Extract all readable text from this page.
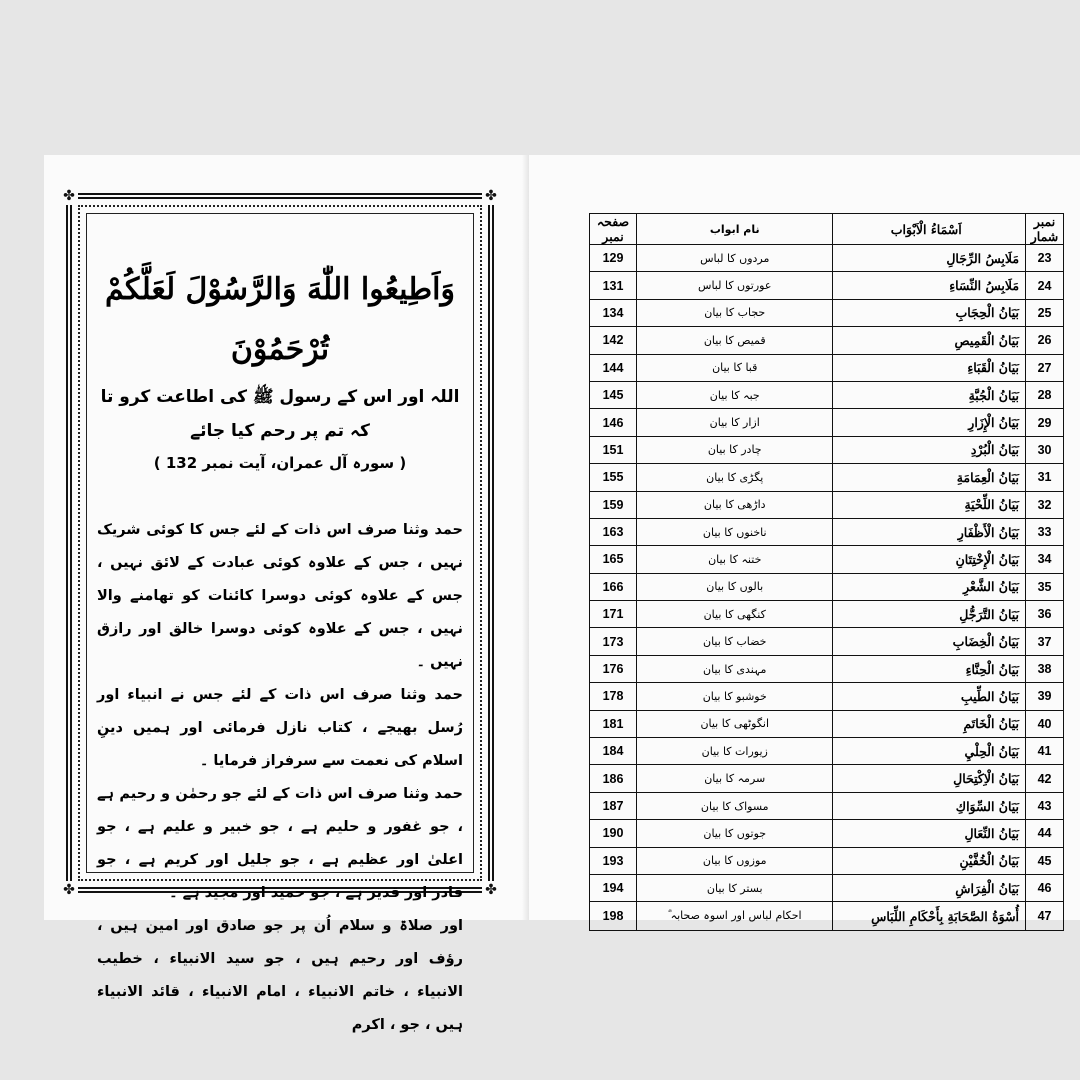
✤	✤
✤	✤
وَاَطِيعُوا اللّٰهَ وَالرَّسُوْلَ لَعَلَّكُمْ تُرْحَمُوْنَ
اللہ اور اس کے رسول ﷺ کی اطاعت کرو تا کہ تم پر رحم کیا جائے
( سورہ آل عمران، آیت نمبر 132 )

حمد وثنا صرف اس ذات کے لئے جس کا کوئی شریک نہیں ، جس کے علاوہ کوئی عبادت کے لائق نہیں ، جس کے علاوہ کوئی دوسرا کائنات کو تھامنے والا نہیں ، جس کے علاوہ کوئی دوسرا خالق اور رازق نہیں ۔

حمد وثنا صرف اس ذات کے لئے جس نے انبیاء اور رُسل بھیجے ، کتاب نازل فرمائی اور ہمیں دینِ اسلام کی نعمت سے سرفراز فرمایا ۔

حمد وثنا صرف اس ذات کے لئے جو رحمٰن و رحیم ہے ، جو غفور و حلیم ہے ، جو خبیر و علیم ہے ، جو اعلیٰ اور عظیم ہے ، جو جلیل اور کریم ہے ، جو قادر اور قدیر ہے ، جو حمید اور مجید ہے ۔

اور صلاۃ و سلام اُن پر جو صادق اور امین ہیں ، رؤف اور رحیم ہیں ، جو سید الانبیاء ، خطیب الانبیاء ، خاتم الانبیاء ، امام الانبیاء ، قائد الانبیاء ہیں ، جو ، اکرم

نمبر شمار	اَسْمَاءُ الْاَبْوَاب	نام ابواب	صفحہ نمبر
23	مَلَابِسُ الرِّجَالِ	مردوں کا لباس	129
24	مَلَابِسُ النِّسَاءِ	عورتوں کا لباس	131
25	بَيَانُ الْحِجَابِ	حجاب کا بیان	134
26	بَيَانُ الْقَمِيصِ	قمیص کا بیان	142
27	بَيَانُ الْقَبَاءِ	قبا کا بیان	144
28	بَيَانُ الْجُبَّةِ	جبہ کا بیان	145
29	بَيَانُ الْإِزَارِ	ازار کا بیان	146
30	بَيَانُ الْبُرْدِ	چادر کا بیان	151
31	بَيَانُ الْعِمَامَةِ	پگڑی کا بیان	155
32	بَيَانُ اللِّحْيَةِ	داڑھی کا بیان	159
33	بَيَانُ الْأَظْفَارِ	ناخنوں کا بیان	163
34	بَيَانُ الْإِخْتِتَانِ	ختنہ کا بیان	165
35	بَيَانُ الشَّعْرِ	بالوں کا بیان	166
36	بَيَانُ التَّرَجُّلِ	کنگھی کا بیان	171
37	بَيَانُ الْخِضَابِ	خضاب کا بیان	173
38	بَيَانُ الْحِنَّاءِ	مہندی کا بیان	176
39	بَيَانُ الطِّيبِ	خوشبو کا بیان	178
40	بَيَانُ الْخَاتَمِ	انگوٹھی کا بیان	181
41	بَيَانُ الْحِلْيِ	زیورات کا بیان	184
42	بَيَانُ الْاِكْتِحَالِ	سرمہ کا بیان	186
43	بَيَانُ السِّوَاكِ	مسواک کا بیان	187
44	بَيَانُ النِّعَالِ	جوتوں کا بیان	190
45	بَيَانُ الْخُفَّيْنِ	موزوں کا بیان	193
46	بَيَانُ الْفِرَاشِ	بستر کا بیان	194
47	أُسْوَةُ الصَّحَابَةِ بِأَحْكَامِ اللِّبَاسِ	احکام لباس اور اسوہ صحابہ ؓ	198
